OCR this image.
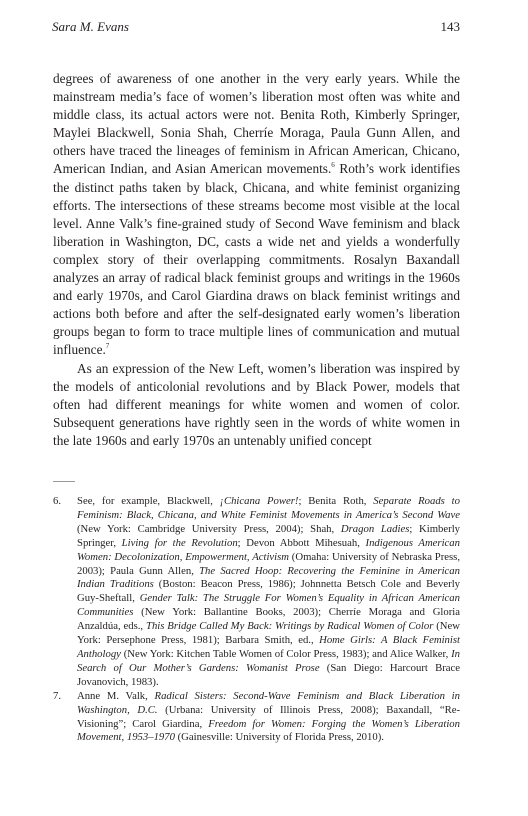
Sara M. Evans	143

degrees of awareness of one another in the very early years. While the mainstream media’s face of women’s liberation most often was white and middle class, its actual actors were not. Benita Roth, Kimberly Springer, Maylei Blackwell, Sonia Shah, Cherríe Moraga, Paula Gunn Allen, and others have traced the lineages of feminism in African American, Chicano, American Indian, and Asian American movements.$^6$ Roth’s work identifies the distinct paths taken by black, Chicana, and white feminist organizing efforts. The intersections of these streams become most visible at the local level. Anne Valk’s fine-grained study of Second Wave feminism and black liberation in Washington, DC, casts a wide net and yields a wonderfully complex story of their overlapping commitments. Rosalyn Baxandall analyzes an array of radical black feminist groups and writings in the 1960s and early 1970s, and Carol Giardina draws on black feminist writings and actions both before and after the self-designated early women’s liberation groups began to form to trace multiple lines of communication and mutual influence.$^7$

As an expression of the New Left, women’s liberation was inspired by the models of anticolonial revolutions and by Black Power, models that often had different meanings for white women and women of color. Subsequent generations have rightly seen in the words of white women in the late 1960s and early 1970s an untenably unified concept

6. See, for example, Blackwell, ¡Chicana Power!; Benita Roth, Separate Roads to Feminism: Black, Chicana, and White Feminist Movements in America’s Second Wave (New York: Cambridge University Press, 2004); Shah, Dragon Ladies; Kimberly Springer, Living for the Revolution; Devon Abbott Mihesuah, Indigenous American Women: Decolonization, Empowerment, Activism (Omaha: University of Nebraska Press, 2003); Paula Gunn Allen, The Sacred Hoop: Recovering the Feminine in American Indian Traditions (Boston: Beacon Press, 1986); Johnnetta Betsch Cole and Beverly Guy-Sheftall, Gender Talk: The Struggle For Women’s Equality in African American Communities (New York: Ballantine Books, 2003); Cherríe Moraga and Gloria Anzaldúa, eds., This Bridge Called My Back: Writings by Radical Women of Color (New York: Persephone Press, 1981); Barbara Smith, ed., Home Girls: A Black Feminist Anthology (New York: Kitchen Table Women of Color Press, 1983); and Alice Walker, In Search of Our Mother’s Gardens: Womanist Prose (San Diego: Harcourt Brace Jovanovich, 1983).
7. Anne M. Valk, Radical Sisters: Second-Wave Feminism and Black Liberation in Washington, D.C. (Urbana: University of Illinois Press, 2008); Baxandall, “Re-Visioning”; Carol Giardina, Freedom for Women: Forging the Women’s Liberation Movement, 1953–1970 (Gainesville: University of Florida Press, 2010).
